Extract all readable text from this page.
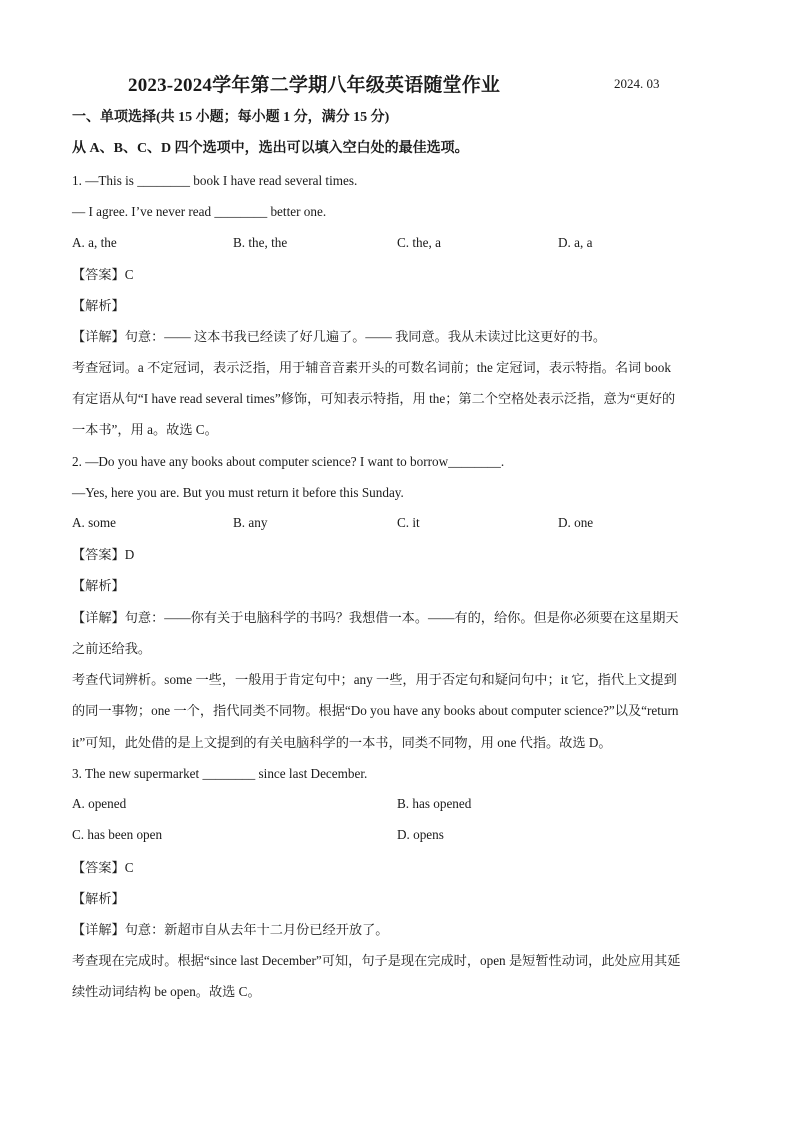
2023-2024学年第二学期八年级英语随堂作业	2024. 03
一、单项选择(共 15 小题；每小题 1 分，满分 15 分)
从 A、B、C、D 四个选项中，选出可以填入空白处的最佳选项。
1. —This is ________ book I have read several times.
— I agree. I’ve never read ________ better one.
A. a, the	B. the, the	C. the, a	D. a, a
【答案】C
【解析】
【详解】句意：—— 这本书我已经读了好几遍了。—— 我同意。我从未读过比这更好的书。
考查冠词。a 不定冠词，表示泛指，用于辅音音素开头的可数名词前；the 定冠词，表示特指。名词 book
有定语从句“I have read several times”修饰，可知表示特指，用 the；第二个空格处表示泛指，意为“更好的
一本书”，用 a。故选 C。
2. —Do you have any books about computer science? I want to borrow________.
—Yes, here you are. But you must return it before this Sunday.
A. some	B. any	C. it	D. one
【答案】D
【解析】
【详解】句意：——你有关于电脑科学的书吗？我想借一本。——有的，给你。但是你必须要在这星期天
之前还给我。
考查代词辨析。some 一些，一般用于肯定句中；any 一些，用于否定句和疑问句中；it 它，指代上文提到
的同一事物；one 一个，指代同类不同物。根据“Do you have any books about computer science?”以及“return
it”可知，此处借的是上文提到的有关电脑科学的一本书，同类不同物，用 one 代指。故选 D。
3. The new supermarket ________ since last December.
A. opened	B. has opened
C. has been open	D. opens
【答案】C
【解析】
【详解】句意：新超市自从去年十二月份已经开放了。
考查现在完成时。根据“since last December”可知，句子是现在完成时，open 是短暂性动词，此处应用其延
续性动词结构 be open。故选 C。
